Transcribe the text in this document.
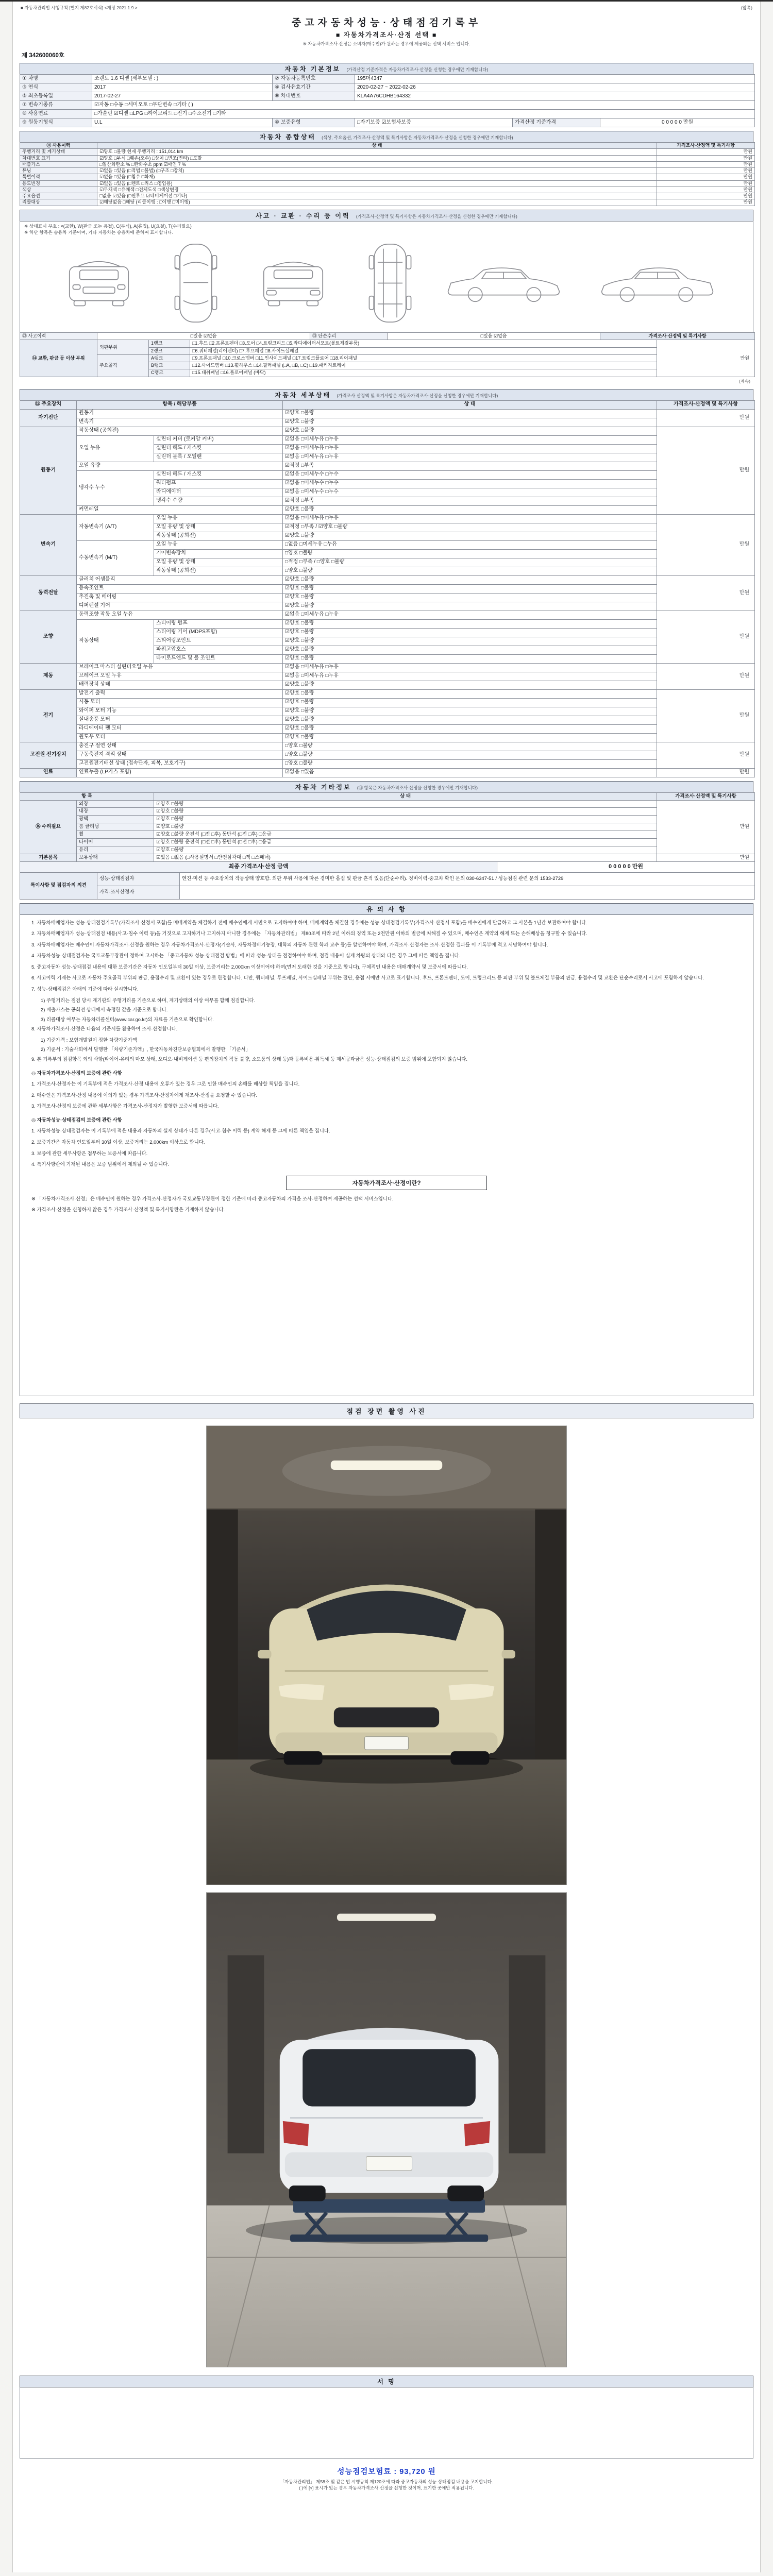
■ 자동차관리법 시행규칙 [별지 제82호서식] <개정 2021.1.9.>	(앞쪽)
중고자동차성능·상태점검기록부
■ 자동차가격조사·산정 선택 ■
※ 자동차가격조사·산정은 소비자(매수인)가 원하는 경우에 제공되는 선택 서비스 입니다.
제 342600060호
자동차 기본정보 (가격산정 기준가격은 자동차가격조사·산정을 신청한 경우에만 기재합니다)
① 차명	쏘렌토 1.6 디젤 (세부모델 : )	② 자동차등록번호	195더4347		
③ 연식	2017	④ 검사유효기간	2020-02-27 ~ 2022-02-26		
⑤ 최초등록일	2017-02-27	⑥ 차대번호	KLA4A76CDHB164332		
⑦ 변속기종류	☑자동 □수동 □세미오토 □무단변속 □기타 ( )				
⑧ 사용연료	□가솔린 ☑디젤 □LPG □하이브리드 □전기 □수소전기 □기타				
⑨ 원동기형식	U.L	⑩ 보증유형	□자기보증 ☑보험사보증	가격산정 기준가격	0 0 0 0 0 만원
자동차 종합상태 (색상, 주요옵션, 가격조사·산정액 및 특기사항은 자동차가격조사·산정을 신청한 경우에만 기재합니다)
⑪ 사용이력	상 태	가격조사·산정액 및 특기사항
주행거리 및 계기상태	☑양호 □불량 현재 주행거리 : 151,014 km	만원
차대번호 표기	☑양호 □부식 □훼손(오손) □상이 □변조(변타) □도말	만원
배출가스	□일산화탄소 % □탄화수소 ppm ☑매연 7 %	만원
튜닝	☑없음 □있음 (□적법 □불법) (□구조 □장치)	만원
특별이력	☑없음 □있음 (□침수 □화재)	만원
용도변경	☑없음 □있음 (□렌트 □리스 □영업용)	만원
색상	☑무채색 □유채색 □전체도색 □색상변경	만원
주요옵션	□없음 ☑있음 (□썬루프 ☑네비게이션 □기타)	만원
리콜대상	☑해당없음 □해당 (리콜이행 : □이행 □미이행)	만원
사고 · 교환 · 수리 등 이력 (가격조사·산정액 및 특기사항은 자동차가격조사·산정을 신청한 경우에만 기재합니다)
※ 상태표시 부호 : ×(교환), W(판금 또는 용접), C(부식), A(흠집), U(요철), T(수리필요)
※ 하단 항목은 승용차 기준이며, 기타 자동차는 승용차에 준하여 표시합니다.
⑫ 사고이력	□있음 ☑없음	⑬ 단순수리	□있음 ☑없음	가격조사·산정액 및 특기사항
⑭ 교환, 판금 등 이상 부위	외판부위	1랭크	□1.후드 □2.프론트펜더 □3.도어 □4.트렁크리드 □5.라디에이터서포트(볼트체결부품)	만원
		2랭크	□6.쿼터패널(리어펜더) □7.루프패널 □8.사이드실패널	
	주요골격	A랭크	□9.프론트패널 □10.크로스멤버 □11.인사이드패널 □17.트렁크플로어 □18.리어패널	
		B랭크	□12.사이드멤버 □13.휠하우스 □14.필러패널 (□A, □B, □C) □19.패키지트레이	
		C랭크	□15.대쉬패널 □16.플로어패널 (바닥)	
(계속)
자동차 세부상태 (가격조사·산정액 및 특기사항은 자동차가격조사·산정을 신청한 경우에만 기재합니다)
⑮ 주요장치	항목 / 해당부품		상 태	가격조사·산정액 및 특기사항
자기진단	원동기		☑양호 □불량	만원
	변속기		☑양호 □불량	
원동기	작동상태 (공회전)		☑양호 □불량	만원
	오일 누유	실린더 커버 (로커암 커버)	☑없음 □미세누유 □누유	
		실린더 헤드 / 개스킷	☑없음 □미세누유 □누유	
		실린더 블록 / 오일팬	☑없음 □미세누유 □누유	
	오일 유량		☑적정 □부족	
	냉각수 누수	실린더 헤드 / 개스킷	☑없음 □미세누수 □누수	
		워터펌프	☑없음 □미세누수 □누수	
		라디에이터	☑없음 □미세누수 □누수	
		냉각수 수량	☑적정 □부족	
	커먼레일		☑양호 □불량	
변속기	자동변속기 (A/T)	오일 누유	☑없음 □미세누유 □누유	만원
		오일 유량 및 상태	☑적정 □부족 / ☑양호 □불량	
		작동상태 (공회전)	☑양호 □불량	
	수동변속기 (M/T)	오일 누유	□없음 □미세누유 □누유	
		기어변속장치	□양호 □불량	
		오일 유량 및 상태	□적정 □부족 / □양호 □불량	
		작동상태 (공회전)	□양호 □불량	
동력전달	클러치 어셈블리		☑양호 □불량	만원
	등속조인트		☑양호 □불량	
	추진축 및 베어링		☑양호 □불량	
	디퍼렌셜 기어		☑양호 □불량	
조향	동력조향 작동 오일 누유		☑없음 □미세누유 □누유	만원
	작동상태	스티어링 펌프	☑양호 □불량	
		스티어링 기어 (MDPS포함)	☑양호 □불량	
		스티어링조인트	☑양호 □불량	
		파워고압호스	☑양호 □불량	
		타이로드엔드 및 볼 조인트	☑양호 □불량	
제동	브레이크 마스터 실린더오일 누유		☑없음 □미세누유 □누유	만원
	브레이크 오일 누유		☑없음 □미세누유 □누유	
	배력장치 상태		☑양호 □불량	
전기	발전기 출력		☑양호 □불량	만원
	시동 모터		☑양호 □불량	
	와이퍼 모터 기능		☑양호 □불량	
	실내송풍 모터		☑양호 □불량	
	라디에이터 팬 모터		☑양호 □불량	
	윈도우 모터		☑양호 □불량	
고전원 전기장치	충전구 절연 상태		□양호 □불량	만원
	구동축전지 격리 상태		□양호 □불량	
	고전원전기배선 상태 (접속단자, 피복, 보호기구)		□양호 □불량	
연료	연료누출 (LP가스 포함)		☑없음 □있음	만원
자동차 기타정보 (⑯ 항목은 자동차가격조사·산정을 신청한 경우에만 기재합니다)
항 목		상 태	가격조사·산정액 및 특기사항
⑯ 수리필요	외장	☑양호 □불량	만원
	내장	☑양호 □불량	
	광택	☑양호 □불량	
	룸 클리닝	☑양호 □불량	
	휠	☑양호 □불량 운전석 (□전 □후) 동반석 (□전 □후) □응급	
	타이어	☑양호 □불량 운전석 (□전 □후) 동반석 (□전 □후) □응급	
	유리	☑양호 □불량	
기본품목	보유상태	☑있음 □없음 (□사용설명서 □안전삼각대 □잭 □스패너)	만원
최종 가격조사·산정 금액	0 0 0 0 0 만원
특이사항 및 점검자의 의견	성능·상태점검자	엔진·미션 등 주요장치의 작동상태 양호함. 외판 부위 사용에 따른 경미한 흠집 및 판금 흔적 있음(단순수리). 정비이력·중고차 확인 문의 030-6347-51 / 성능점검 관련 문의 1533-2729
	가격·조사산정자	
유 의 사 항

1. 자동차매매업자는 성능·상태점검기록부(가격조사·산정서 포함)를 매매계약을 체결하기 전에 매수인에게 서면으로 고지하여야 하며, 매매계약을 체결한 경우에는 성능·상태점검기록부(가격조사·산정서 포함)를 매수인에게 발급하고 그 사본을 1년간 보관하여야 합니다.

2. 자동차매매업자가 성능·상태점검 내용(사고·침수 이력 등)을 거짓으로 고지하거나 고지하지 아니한 경우에는 「자동차관리법」 제80조에 따라 2년 이하의 징역 또는 2천만원 이하의 벌금에 처해질 수 있으며, 매수인은 계약의 해제 또는 손해배상을 청구할 수 있습니다.

3. 자동차매매업자는 매수인이 자동차가격조사·산정을 원하는 경우 자동차가격조사·산정자(기술사, 자동차정비기능장, 대학의 자동차 관련 학과 교수 등)를 알선하여야 하며, 가격조사·산정자는 조사·산정한 결과를 이 기록부에 적고 서명하여야 합니다.

4. 자동차성능·상태점검자는 국토교통부장관이 정하여 고시하는 「중고자동차 성능·상태점검 방법」에 따라 성능·상태를 점검하여야 하며, 점검 내용이 실제 차량의 상태와 다른 경우 그에 따른 책임을 집니다.

5. 중고자동차 성능·상태점검 내용에 대한 보증기간은 자동차 인도일부터 30일 이상, 보증거리는 2,000km 이상이어야 하며(먼저 도래한 것을 기준으로 합니다), 구체적인 내용은 매매계약서 및 보증서에 따릅니다.

6. 사고이력 기재는 사고로 자동차 주요골격 부위의 판금, 용접수리 및 교환이 있는 경우로 한정합니다. 다만, 쿼터패널, 루프패널, 사이드실패널 부위는 절단, 용접 시에만 사고로 표기합니다. 후드, 프론트펜더, 도어, 트렁크리드 등 외판 부위 및 볼트체결 부품의 판금, 용접수리 및 교환은 단순수리로서 사고에 포함하지 않습니다.

7. 성능·상태점검은 아래의 기준에 따라 실시합니다.

1) 주행거리는 점검 당시 계기판의 주행거리를 기준으로 하며, 계기상태의 이상 여부를 함께 점검합니다.

2) 배출가스는 공회전 상태에서 측정한 값을 기준으로 합니다.

3) 리콜대상 여부는 자동차리콜센터(www.car.go.kr)의 자료를 기준으로 확인합니다.

8. 자동차가격조사·산정은 다음의 기준서를 활용하여 조사·산정합니다.

1) 기준가격 : 보험개발원이 정한 차량기준가액

2) 기준서 : 기술사회에서 발행한 「차량기준가액」, 한국자동차진단보증협회에서 발행한 「기준서」

9. 본 기록부의 점검항목 외의 사항(타이어·유리의 마모 상태, 오디오·내비게이션 등 편의장치의 작동 불량, 소모품의 상태 등)과 등록비용·취득세 등 제세공과금은 성능·상태점검의 보증 범위에 포함되지 않습니다.

◎ 자동차가격조사·산정의 보증에 관한 사항

1. 가격조사·산정자는 이 기록부에 적은 가격조사·산정 내용에 오류가 있는 경우 그로 인한 매수인의 손해를 배상할 책임을 집니다.

2. 매수인은 가격조사·산정 내용에 이의가 있는 경우 가격조사·산정자에게 재조사·산정을 요청할 수 있습니다.

3. 가격조사·산정의 보증에 관한 세부사항은 가격조사·산정자가 발행한 보증서에 따릅니다.

◎ 자동차성능·상태점검의 보증에 관한 사항

1. 자동차성능·상태점검자는 이 기록부에 적은 내용과 자동차의 실제 상태가 다른 경우(사고·침수 이력 등) 계약 해제 등 그에 따른 책임을 집니다.

2. 보증기간은 자동차 인도일부터 30일 이상, 보증거리는 2,000km 이상으로 합니다.

3. 보증에 관한 세부사항은 첨부하는 보증서에 따릅니다.

4. 특기사항란에 기재된 내용은 보증 범위에서 제외될 수 있습니다.

자동차가격조사·산정이란?

※ 「자동차가격조사·산정」은 매수인이 원하는 경우 가격조사·산정자가 국토교통부장관이 정한 기준에 따라 중고자동차의 가격을 조사·산정하여 제공하는 선택 서비스입니다.

※ 가격조사·산정을 신청하지 않은 경우 가격조사·산정액 및 특기사항란은 기재하지 않습니다.

점검 장면 촬영 사진
서 명
성능점검보험료 : 93,720 원
「자동차관리법」 제58조 및 같은 법 시행규칙 제120조에 따라 중고자동차의 성능·상태점검 내용을 고지합니다.
( )에 [√] 표시가 있는 경우 자동차가격조사·산정을 신청한 것이며, 표기한 곳에만 적용됩니다.
